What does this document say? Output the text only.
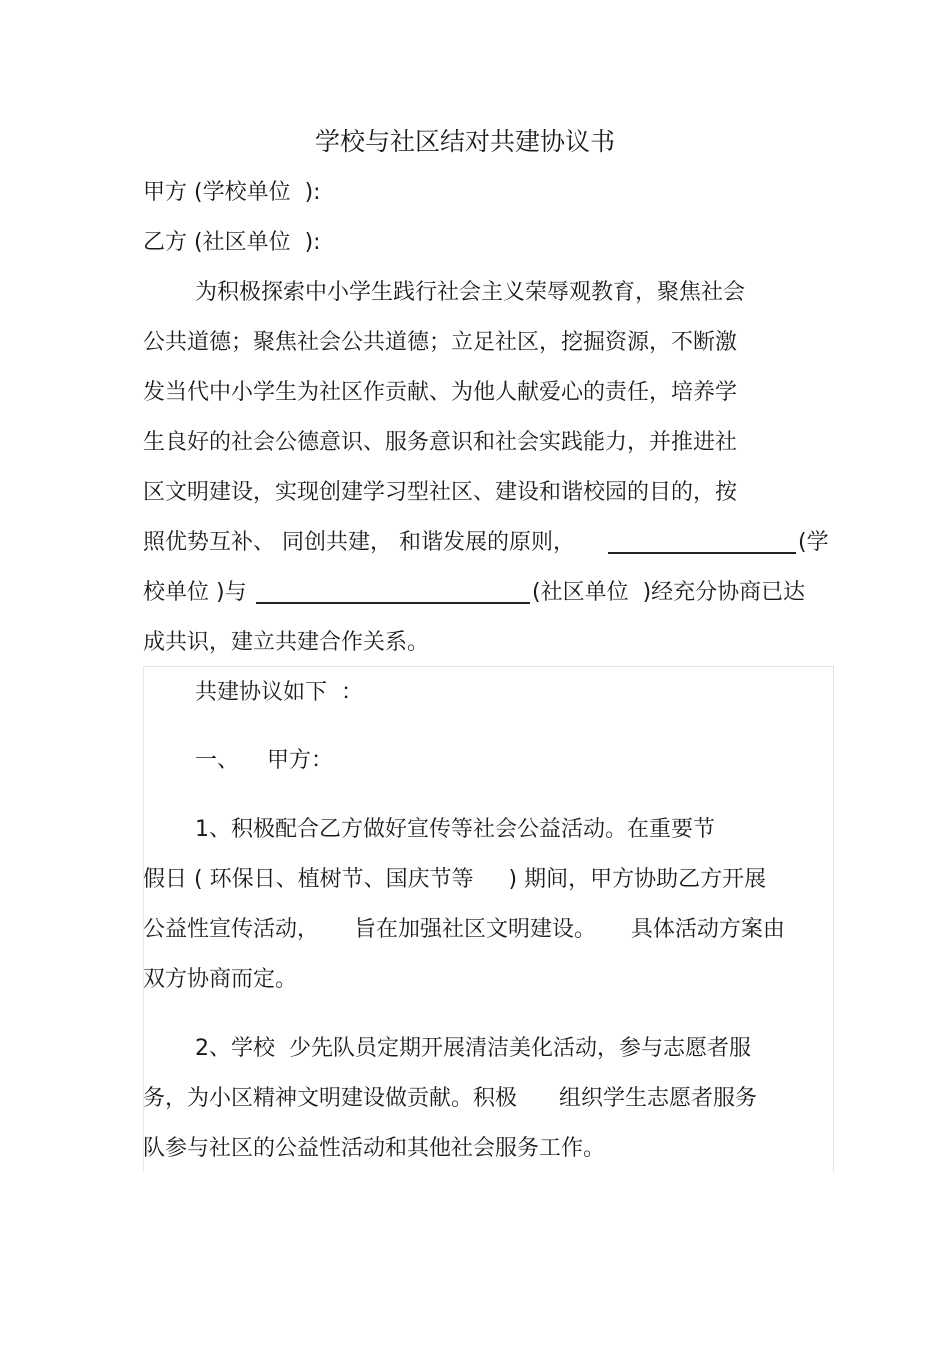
学校与社区结对共建协议书
甲方 (学校单位  ):
乙方 (社区单位  ):
为积极探索中小学生践行社会主义荣辱观教育，聚焦社会
公共道德；聚焦社会公共道德；立足社区，挖掘资源，不断激
发当代中小学生为社区作贡献、为他人献爱心的责任，培养学
生良好的社会公德意识、服务意识和社会实践能力，并推进社
区文明建设，实现创建学习型社区、建设和谐校园的目的，按
照优势互补、 同创共建， 和谐发展的原则，	(学
校单位 )与	(社区单位  )经充分协商已达
成共识，建立共建合作关系。
共建协议如下  ：
一、    甲方：
1、积极配合乙方做好宣传等社会公益活动。在重要节
假日 ( 环保日、植树节、国庆节等     ) 期间，甲方协助乙方开展
公益性宣传活动，     旨在加强社区文明建设。     具体活动方案由
双方协商而定。
2、学校  少先队员定期开展清洁美化活动，参与志愿者服
务，为小区精神文明建设做贡献。积极      组织学生志愿者服务
队参与社区的公益性活动和其他社会服务工作。
